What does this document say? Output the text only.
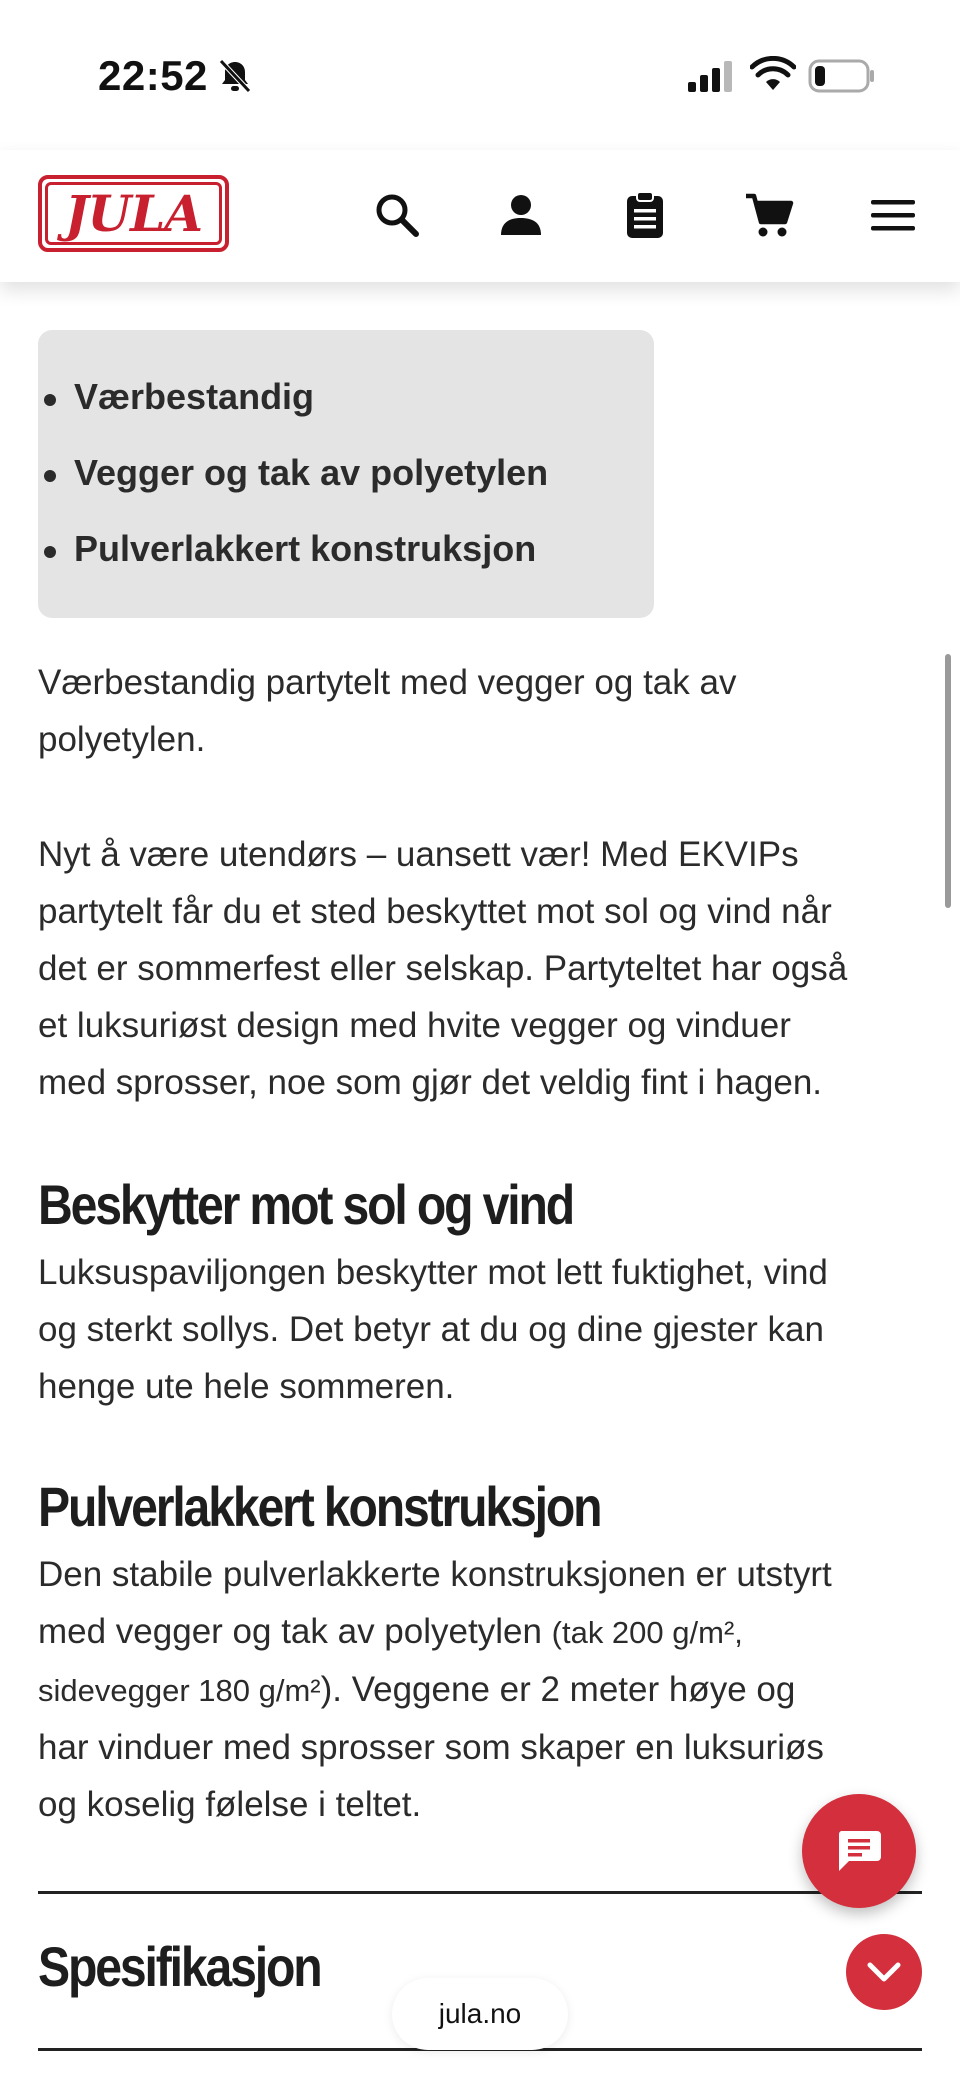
22:52
JULA
Værbestandig
Vegger og tak av polyetylen
Pulverlakkert konstruksjon
Værbestandig partytelt med vegger og tak av
polyetylen.
Nyt å være utendørs – uansett vær! Med EKVIPs
partytelt får du et sted beskyttet mot sol og vind når
det er sommerfest eller selskap. Partyteltet har også
et luksuriøst design med hvite vegger og vinduer
med sprosser, noe som gjør det veldig fint i hagen.
Beskytter mot sol og vind
Luksuspaviljongen beskytter mot lett fuktighet, vind
og sterkt sollys. Det betyr at du og dine gjester kan
henge ute hele sommeren.
Pulverlakkert konstruksjon
Den stabile pulverlakkerte konstruksjonen er utstyrt
med vegger og tak av polyetylen (tak 200 g/m²,
sidevegger 180 g/m²). Veggene er 2 meter høye og
har vinduer med sprosser som skaper en luksuriøs
og koselig følelse i teltet.
Spesifikasjon
jula.no
